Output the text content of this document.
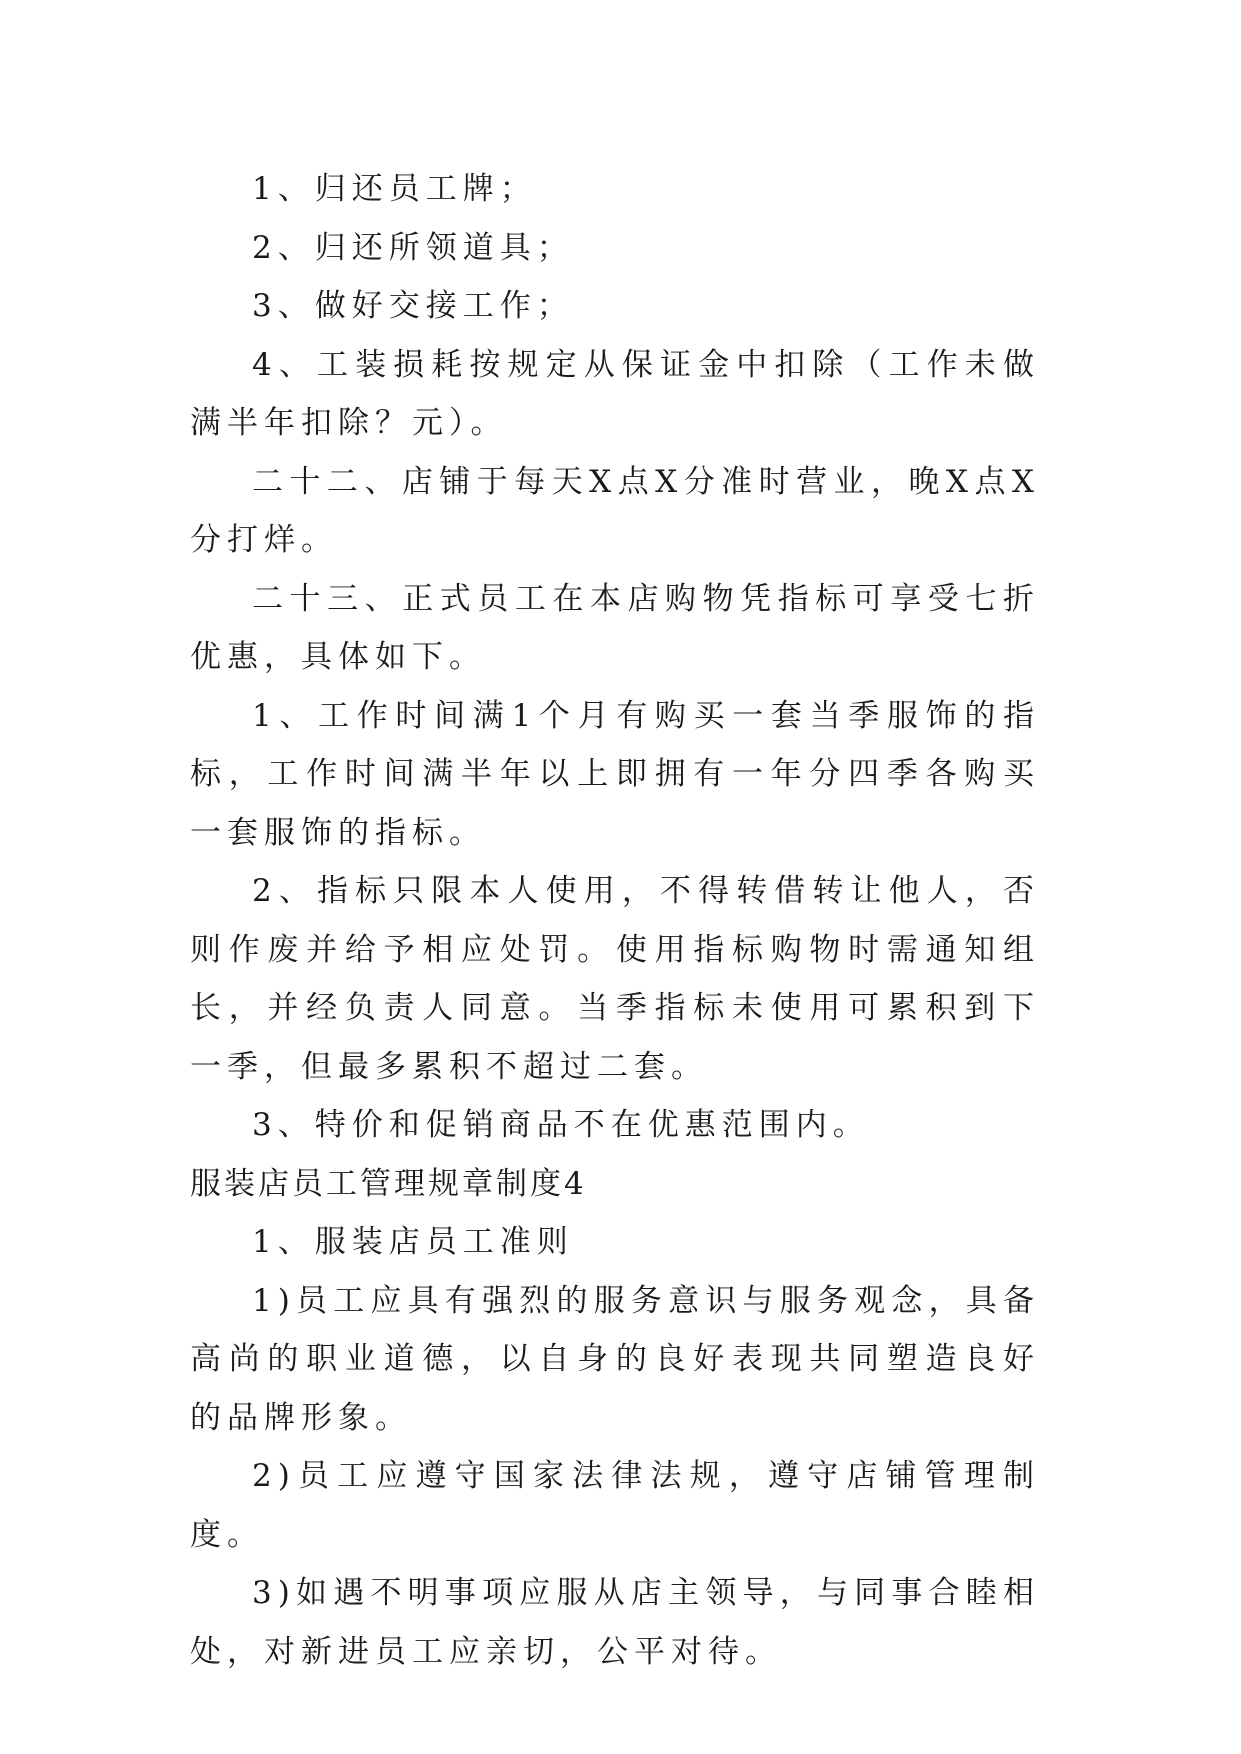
1、归还员工牌；

2、归还所领道具；

3、做好交接工作；

4、工装损耗按规定从保证金中扣除（工作未做满半年扣除？元）。

二十二、店铺于每天X点X分准时营业，晚X点X分打烊。

二十三、正式员工在本店购物凭指标可享受七折优惠，具体如下。

1、工作时间满1个月有购买一套当季服饰的指标，工作时间满半年以上即拥有一年分四季各购买一套服饰的指标。

2、指标只限本人使用，不得转借转让他人，否则作废并给予相应处罚。使用指标购物时需通知组长，并经负责人同意。当季指标未使用可累积到下一季，但最多累积不超过二套。

3、特价和促销商品不在优惠范围内。

服装店员工管理规章制度4

1、服装店员工准则

1)员工应具有强烈的服务意识与服务观念，具备高尚的职业道德，以自身的良好表现共同塑造良好的品牌形象。

2)员工应遵守国家法律法规，遵守店铺管理制度。

3)如遇不明事项应服从店主领导，与同事合睦相处，对新进员工应亲切，公平对待。
